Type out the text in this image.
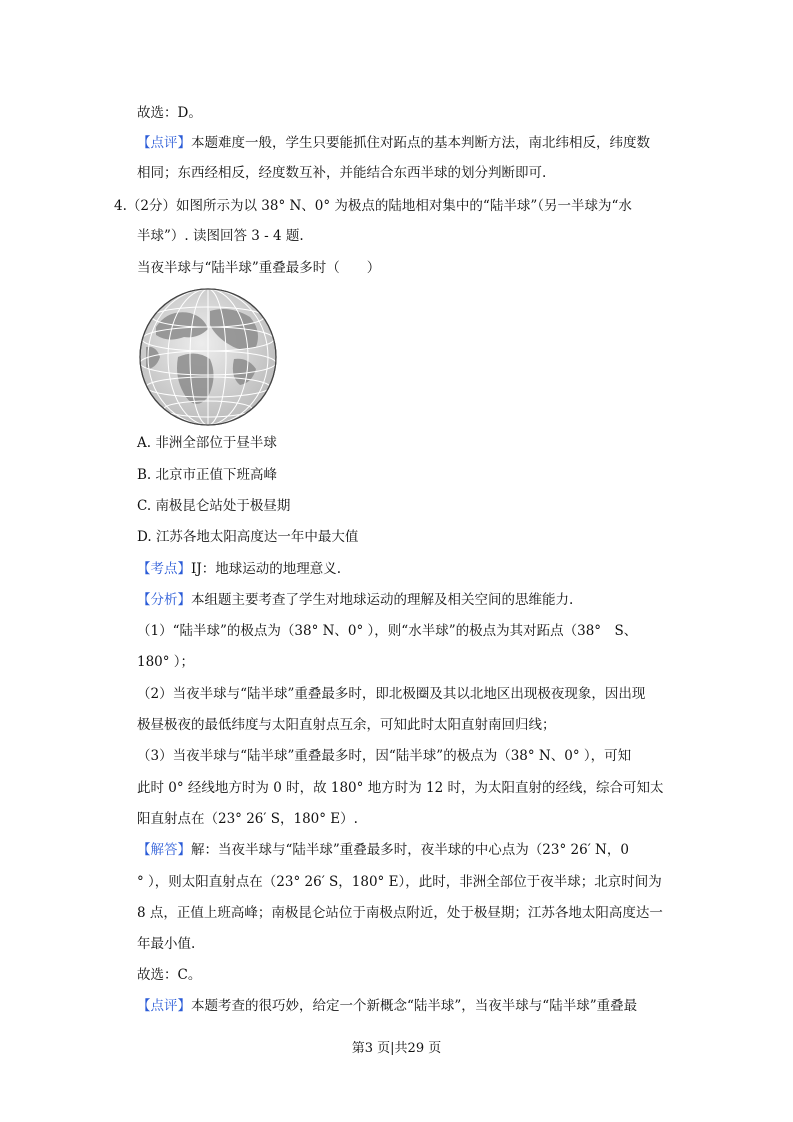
故选：D。
【点评】本题难度一般，学生只要能抓住对跖点的基本判断方法，南北纬相反，纬度数
相同；东西经相反，经度数互补，并能结合东西半球的划分判断即可.
4.（2分）如图所示为以 38° N、0° 为极点的陆地相对集中的“陆半球”（另一半球为“水
半球”）. 读图回答 3 - 4 题.
当夜半球与“陆半球”重叠最多时（　　）
A. 非洲全部位于昼半球
B. 北京市正值下班高峰
C. 南极昆仑站处于极昼期
D. 江苏各地太阳高度达一年中最大值
【考点】IJ：地球运动的地理意义.
【分析】本组题主要考查了学生对地球运动的理解及相关空间的思维能力.
（1）“陆半球”的极点为（38° N、0° ），则“水半球”的极点为其对跖点（38°　S、
180° ）；
（2）当夜半球与“陆半球”重叠最多时，即北极圈及其以北地区出现极夜现象，因出现
极昼极夜的最低纬度与太阳直射点互余，可知此时太阳直射南回归线；
（3）当夜半球与“陆半球”重叠最多时，因“陆半球”的极点为（38° N、0° ），可知
此时 0° 经线地方时为 0 时，故 180° 地方时为 12 时，为太阳直射的经线，综合可知太
阳直射点在（23° 26′ S，180° E）.
【解答】解：当夜半球与“陆半球”重叠最多时，夜半球的中心点为（23° 26′ N，0
° ），则太阳直射点在（23° 26′ S，180° E），此时，非洲全部位于夜半球；北京时间为
8 点，正值上班高峰；南极昆仑站位于南极点附近，处于极昼期；江苏各地太阳高度达一
年最小值.
故选：C。
【点评】本题考查的很巧妙，给定一个新概念“陆半球”，当夜半球与“陆半球”重叠最
第3 页|共29 页
